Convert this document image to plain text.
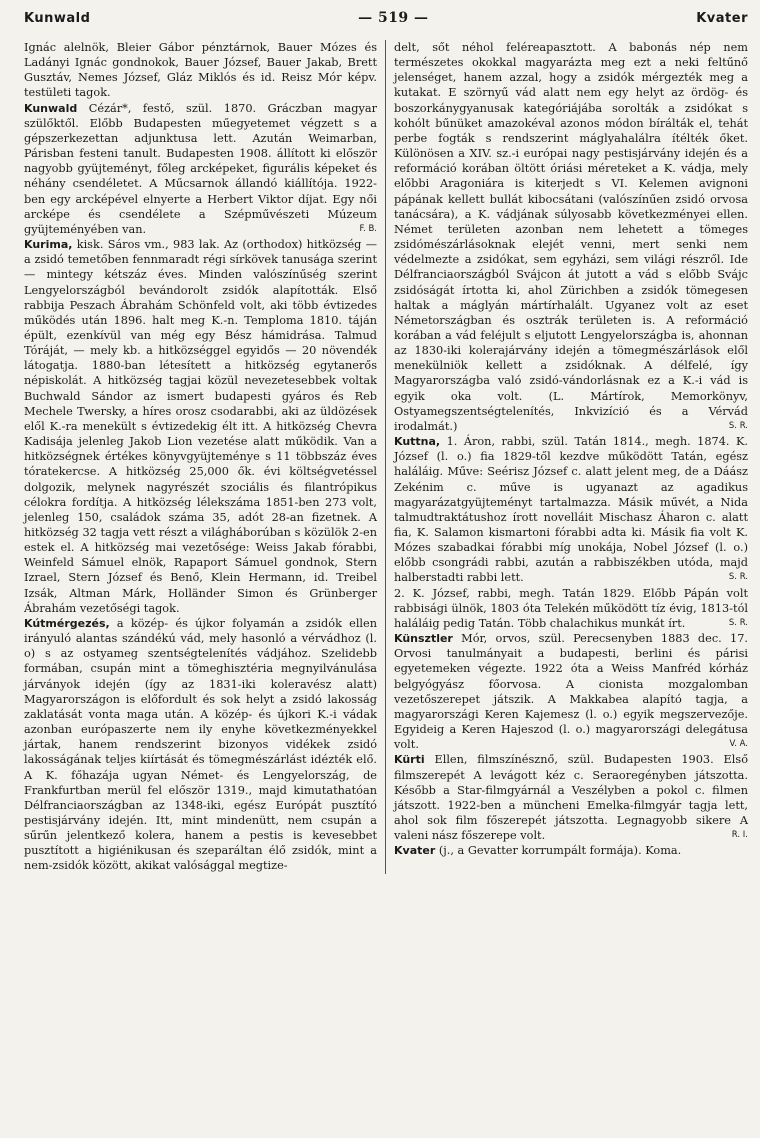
Kunwald	— 519 —	Kvater

Ignác alelnök, Bleier Gábor pénztárnok, Bauer Mózes és Ladányi Ignác gondnokok, Bauer József, Bauer Jakab, Brett Gusztáv, Nemes József, Gláz Miklós és id. Reisz Mór képv. testületi tagok.

Kunwald Cézár*, festő, szül. 1870. Gráczban magyar szülőktől. Előbb Budapesten műegyetemet végzett s a gépszerkezettan adjunktusa lett. Azután Weimarban, Párisban festeni tanult. Budapesten 1908. állított ki először nagyobb gyüjteményt, főleg arcképeket, figurális képeket és néhány csendéletet. A Műcsarnok állandó kiállítója. 1922-ben egy arcképével elnyerte a Herbert Viktor díjat. Egy női arcképe és csendélete a Szépművészeti Múzeum gyüjteményében van.	F. B.

Kurima, kisk. Sáros vm., 983 lak. Az (orthodox) hitközség — a zsidó temetőben fennmaradt régi sírkövek tanusága szerint — mintegy kétszáz éves. Minden valószínűség szerint Lengyelországból bevándorolt zsidók alapították. Első rabbija Peszach Ábrahám Schönfeld volt, aki több évtizedes működés után 1896. halt meg K.-n. Temploma 1810. táján épült, ezenkívül van még egy Bész hámidrása. Talmud Tóráját, — mely kb. a hitközséggel egyidős — 20 növendék látogatja. 1880-ban létesített a hitközség egytanerős népiskolát. A hitközség tagjai közül nevezetesebbek voltak Buchwald Sándor az ismert budapesti gyáros és Reb Mechele Twersky, a híres orosz csodarabbi, aki az üldözések elől K.-ra menekült s évtizedekig élt itt. A hitközség Chevra Kadisája jelenleg Jakob Lion vezetése alatt működik. Van a hitközségnek értékes könyvgyüjteménye s 11 többszáz éves tóratekercse. A hitközség 25,000 ők. évi költségvetéssel dolgozik, melynek nagyrészét szociális és filantrópikus célokra fordítja. A hitközség lélekszáma 1851-ben 273 volt, jelenleg 150, családok száma 35, adót 28-an fizetnek. A hitközség 32 tagja vett részt a világháborúban s közülök 2-en estek el. A hitközség mai vezetősége: Weiss Jakab fórabbi, Weinfeld Sámuel elnök, Rapaport Sámuel gondnok, Stern Izrael, Stern József és Benő, Klein Hermann, id. Treibel Izsák, Altman Márk, Holländer Simon és Grünberger Ábrahám vezetőségi tagok.

Kútmérgezés, a közép- és újkor folyamán a zsidók ellen irányuló alantas szándékú vád, mely hasonló a vérvádhoz (l. o) s az ostyameg szentségtelenítés vádjához. Szelidebb formában, csupán mint a tömeghisztéria megnyilvánulása járványok idején (így az 1831-iki koleravész alatt) Magyarországon is előfordult és sok helyt a zsidó lakosság zaklatását vonta maga után. A közép- és újkori K.-i vádak azonban európaszerte nem ily enyhe következményekkel jártak, hanem rendszerint bizonyos vidékek zsidó lakosságának teljes kiírtását és tömegmészárlást idézték elő. A K. főhazája ugyan Német- és Lengyelország, de Frankfurtban merül fel először 1319., majd kimutathatóan Délfranciaországban az 1348-iki, egész Európát pusztító pestisjárvány idején. Itt, mint mindenütt, nem csupán a sűrűn jelentkező kolera, hanem a pestis is kevesebbet pusztított a higiénikusan és szeparáltan élő zsidók, mint a nem-zsidók között, akikat valósággal megtize-

delt, sőt néhol feléreapasztott. A babonás nép nem természetes okokkal magyarázta meg ezt a neki feltűnő jelenséget, hanem azzal, hogy a zsidók mérgezték meg a kutakat. E szörnyű vád alatt nem egy helyt az ördög- és boszorkánygyanusak kategóriájába sorolták a zsidókat s kohólt bűnüket amazokéval azonos módon bírálták el, tehát perbe fogták s rendszerint máglyahalálra ítélték őket. Különösen a XIV. sz.-i európai nagy pestisjárvány idején és a reformáció korában öltött óriási méreteket a K. vádja, mely előbbi Aragoniára is kiterjedt s VI. Kelemen avignoni pápának kellett bullát kibocsátani (valószínűen zsidó orvosa tanácsára), a K. vádjának súlyosabb következményei ellen. Német területen azonban nem lehetett a tömeges zsidómészárlásoknak elejét venni, mert senki nem védelmezte a zsidókat, sem egyházi, sem világi részről. Ide Délfranciaországból Svájcon át jutott a vád s előbb Svájc zsidóságát írtotta ki, ahol Zürichben a zsidók tömegesen haltak a máglyán mártírhalált. Ugyanez volt az eset Németországban és osztrák területen is. A reformáció korában a vád feléjult s eljutott Lengyelországba is, ahonnan az 1830-iki kolerajárvány idején a tömegmészárlások elől menekülniök kellett a zsidóknak. A délfelé, így Magyarországba való zsidó-vándorlásnak ez a K.-i vád is egyik oka volt. (L. Mártírok, Memorkönyv, Ostyamegszentségtelenítés, Inkvizíció és a Vérvád irodalmát.)	S. R.

Kuttna, 1. Áron, rabbi, szül. Tatán 1814., megh. 1874. K. József (l. o.) fia 1829-től kezdve működött Tatán, egész haláláig. Műve: Seérisz József c. alatt jelent meg, de a Dáász Zekénim c. műve is ugyanazt az agadikus magyarázatgyüjteményt tartalmazza. Másik művét, a Nida talmudtraktátushoz írott novelláit Mischasz Áharon c. alatt fia, K. Salamon kismartoni fórabbi adta ki. Másik fia volt K. Mózes szabadkai fórabbi míg unokája, Nobel József (l. o.) előbb csongrádi rabbi, azután a rabbiszékben utóda, majd halberstadti rabbi lett.	S. R.

2. K. József, rabbi, megh. Tatán 1829. Előbb Pápán volt rabbisági ülnök, 1803 óta Telekén működött tíz évig, 1813-tól haláláig pedig Tatán. Több chalachikus munkát írt.	S. R.

Künsztler Mór, orvos, szül. Perecsenyben 1883 dec. 17. Orvosi tanulmányait a budapesti, berlini és párisi egyetemeken végezte. 1922 óta a Weiss Manfréd kórház belgyógyász főorvosa. A cionista mozgalomban vezetőszerepet játszik. A Makkabea alapító tagja, a magyarországi Keren Kajemesz (l. o.) egyik megszervezője. Egyideig a Keren Hajeszod (l. o.) magyarországi delegátusa volt.	V. A.

Kürti Ellen, filmszínésznő, szül. Budapesten 1903. Első filmszerepét A levágott kéz c. Seraoregényben játszotta. Később a Star-filmgyárnál a Veszélyben a pokol c. filmen játszott. 1922-ben a müncheni Emelka-filmgyár tagja lett, ahol sok film főszerepét játszotta. Legnagyobb sikere A valeni nász főszerepe volt.	R. I.

Kvater (j., a Gevatter korrumpált formája). Koma.
